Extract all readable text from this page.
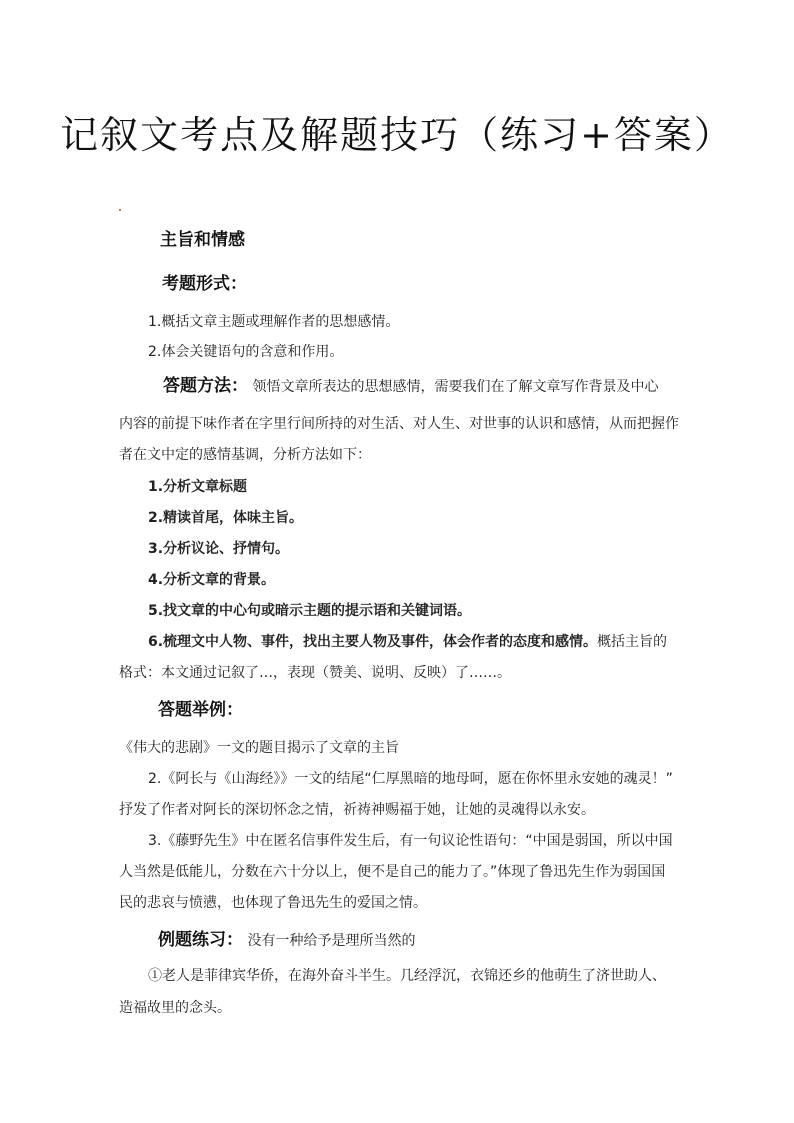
记叙文考点及解题技巧（练习+答案）
主旨和情感
考题形式：
1.概括文章主题或理解作者的思想感情。
2.体会关键语句的含意和作用。
答题方法： 领悟文章所表达的思想感情，需要我们在了解文章写作背景及中心
内容的前提下味作者在字里行间所持的对生活、对人生、对世事的认识和感情，从而把握作
者在文中定的感情基调，分析方法如下：
1.分析文章标题
2.精读首尾，体味主旨。
3.分析议论、抒情句。
4.分析文章的背景。
5.找文章的中心句或暗示主题的提示语和关键词语。
6.梳理文中人物、事件，找出主要人物及事件，体会作者的态度和感情。概括主旨的
格式：本文通过记叙了…，表现（赞美、说明、反映）了……。
答题举例：
《伟大的悲剧》一文的题目揭示了文章的主旨
2.《阿长与《山海经》》一文的结尾“仁厚黑暗的地母呵，愿在你怀里永安她的魂灵！”
抒发了作者对阿长的深切怀念之情，祈祷神赐福于她，让她的灵魂得以永安。
3.《藤野先生》中在匿名信事件发生后，有一句议论性语句：“中国是弱国，所以中国
人当然是低能儿，分数在六十分以上，便不是自己的能力了。”体现了鲁迅先生作为弱国国
民的悲哀与愤懑，也体现了鲁迅先生的爱国之情。
例题练习： 没有一种给予是理所当然的
①老人是菲律宾华侨，在海外奋斗半生。几经浮沉，衣锦还乡的他萌生了济世助人、
造福故里的念头。
